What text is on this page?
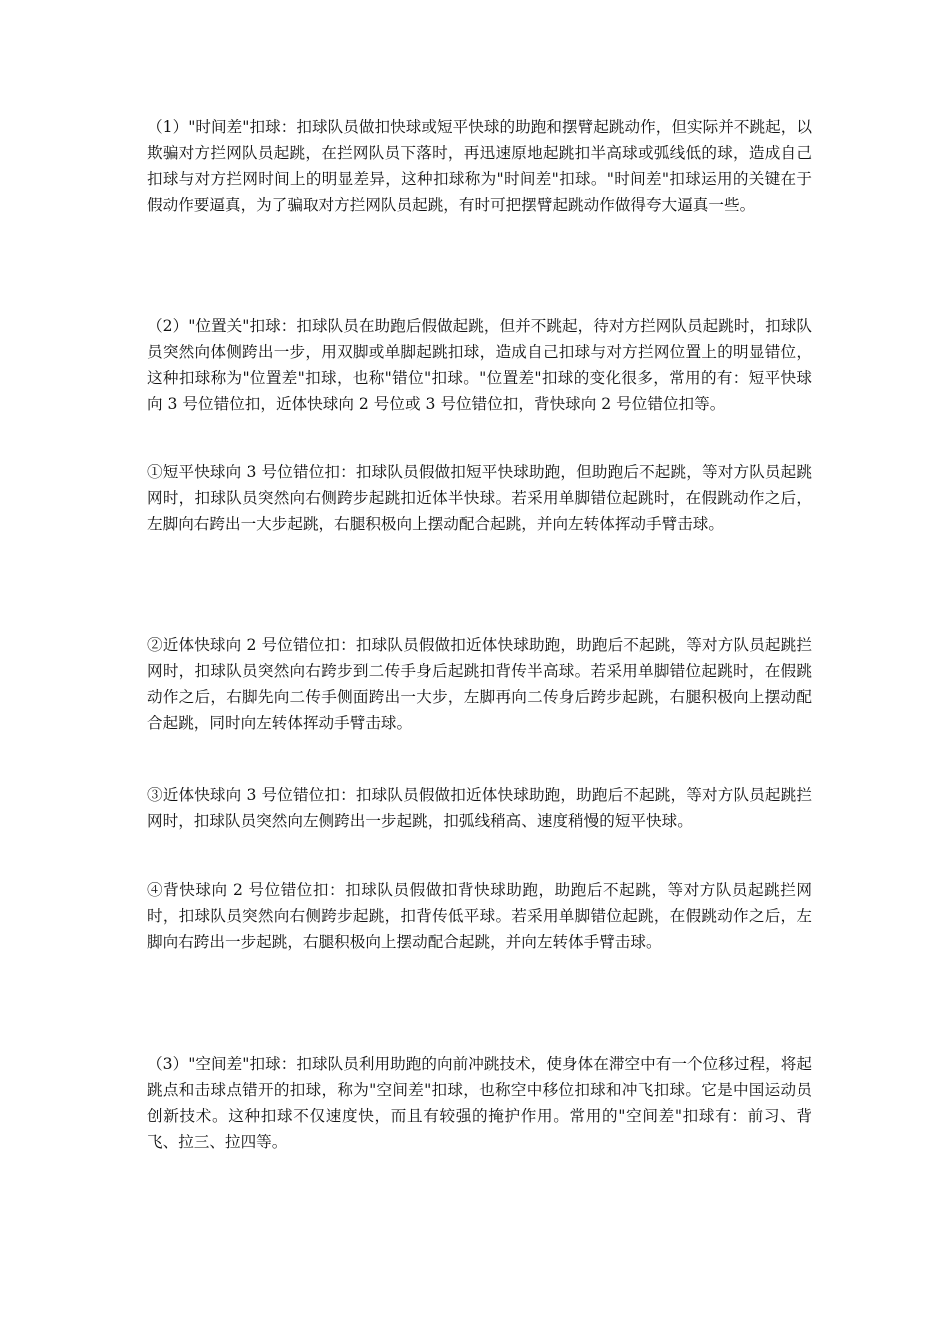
（1）"时间差"扣球：扣球队员做扣快球或短平快球的助跑和摆臂起跳动作，但实际并不跳起，以欺骗对方拦网队员起跳，在拦网队员下落时，再迅速原地起跳扣半高球或弧线低的球，造成自己扣球与对方拦网时间上的明显差异，这种扣球称为"时间差"扣球。"时间差"扣球运用的关键在于假动作要逼真，为了骗取对方拦网队员起跳，有时可把摆臂起跳动作做得夸大逼真一些。

（2）"位置关"扣球：扣球队员在助跑后假做起跳，但并不跳起，待对方拦网队员起跳时，扣球队员突然向体侧跨出一步，用双脚或单脚起跳扣球，造成自己扣球与对方拦网位置上的明显错位，这种扣球称为"位置差"扣球，也称"错位"扣球。"位置差"扣球的变化很多，常用的有：短平快球向 3 号位错位扣，近体快球向 2 号位或 3 号位错位扣，背快球向 2 号位错位扣等。

①短平快球向 3 号位错位扣：扣球队员假做扣短平快球助跑，但助跑后不起跳，等对方队员起跳网时，扣球队员突然向右侧跨步起跳扣近体半快球。若采用单脚错位起跳时，在假跳动作之后，左脚向右跨出一大步起跳，右腿积极向上摆动配合起跳，并向左转体挥动手臂击球。

②近体快球向 2 号位错位扣：扣球队员假做扣近体快球助跑，助跑后不起跳，等对方队员起跳拦网时，扣球队员突然向右跨步到二传手身后起跳扣背传半高球。若采用单脚错位起跳时，在假跳动作之后，右脚先向二传手侧面跨出一大步，左脚再向二传身后跨步起跳，右腿积极向上摆动配合起跳，同时向左转体挥动手臂击球。

③近体快球向 3 号位错位扣：扣球队员假做扣近体快球助跑，助跑后不起跳，等对方队员起跳拦网时，扣球队员突然向左侧跨出一步起跳，扣弧线稍高、速度稍慢的短平快球。

④背快球向 2 号位错位扣：扣球队员假做扣背快球助跑，助跑后不起跳，等对方队员起跳拦网时，扣球队员突然向右侧跨步起跳，扣背传低平球。若采用单脚错位起跳，在假跳动作之后，左脚向右跨出一步起跳，右腿积极向上摆动配合起跳，并向左转体手臂击球。

（3）"空间差"扣球：扣球队员利用助跑的向前冲跳技术，使身体在滞空中有一个位移过程，将起跳点和击球点错开的扣球，称为"空间差"扣球，也称空中移位扣球和冲飞扣球。它是中国运动员创新技术。这种扣球不仅速度快，而且有较强的掩护作用。常用的"空间差"扣球有：前习、背飞、拉三、拉四等。
